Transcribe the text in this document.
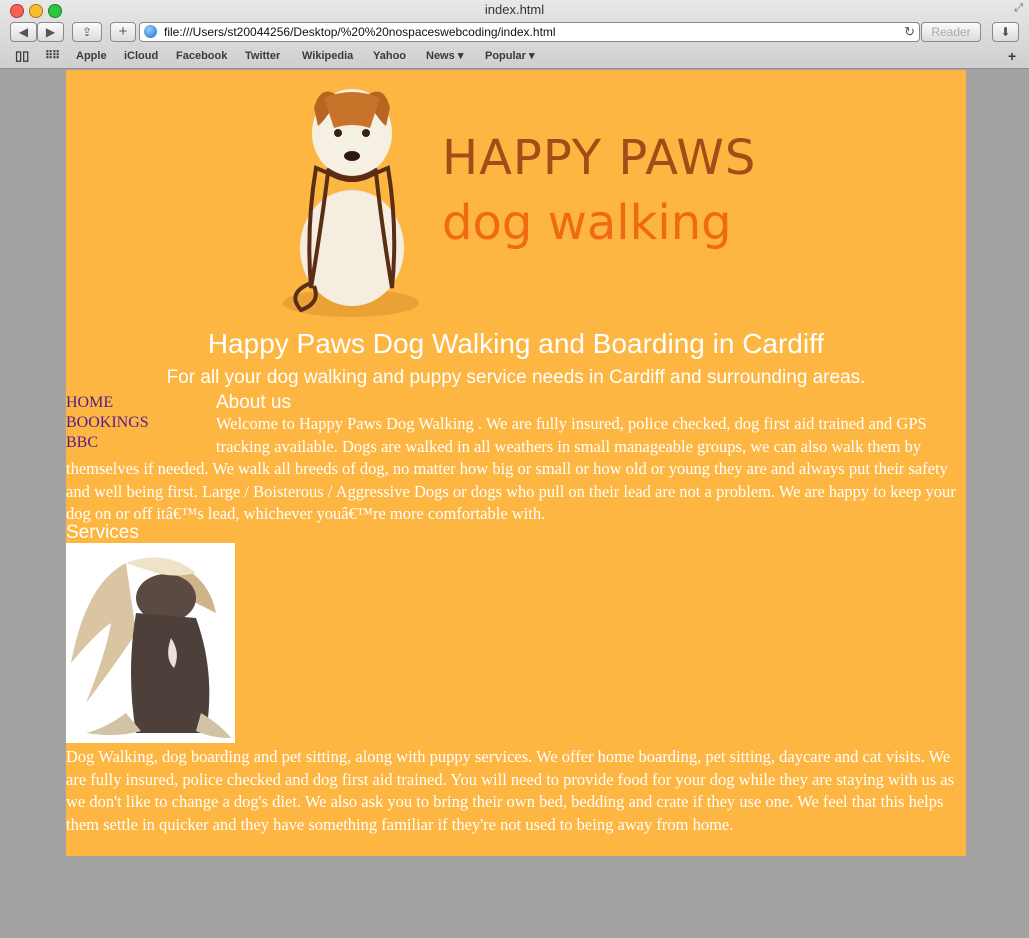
index.html	⤢
◀	▶	⇪	+	file:///Users/st20044256/Desktop/%20%20nospaceswebcoding/index.html	↻	Reader	⬇
▯▯ ⠿⠿ Apple iCloud Facebook Twitter Wikipedia Yahoo News ▾ Popular ▾	+
HAPPY PAWS
dog walking
Happy Paws Dog Walking and Boarding in Cardiff
For all your dog walking and puppy service needs in Cardiff and surrounding areas.
HOME
BOOKINGS
BBC
About us

Welcome to Happy Paws Dog Walking . We are fully insured, police checked, dog first aid trained and GPS tracking available. Dogs are walked in all weathers in small manageable groups, we can also walk them by themselves if needed. We walk all breeds of dog, no matter how big or small or how old or young they are and always put their safety and well being first. Large / Boisterous / Aggressive Dogs or dogs who pull on their lead are not a problem. We are happy to keep your dog on or off itâ€™s lead, whichever youâ€™re more comfortable with.

Services

Dog Walking, dog boarding and pet sitting, along with puppy services. We offer home boarding, pet sitting, daycare and cat visits. We are fully insured, police checked and dog first aid trained. You will need to provide food for your dog while they are staying with us as we don't like to change a dog's diet. We also ask you to bring their own bed, bedding and crate if they use one. We feel that this helps them settle in quicker and they have something familiar if they're not used to being away from home.
